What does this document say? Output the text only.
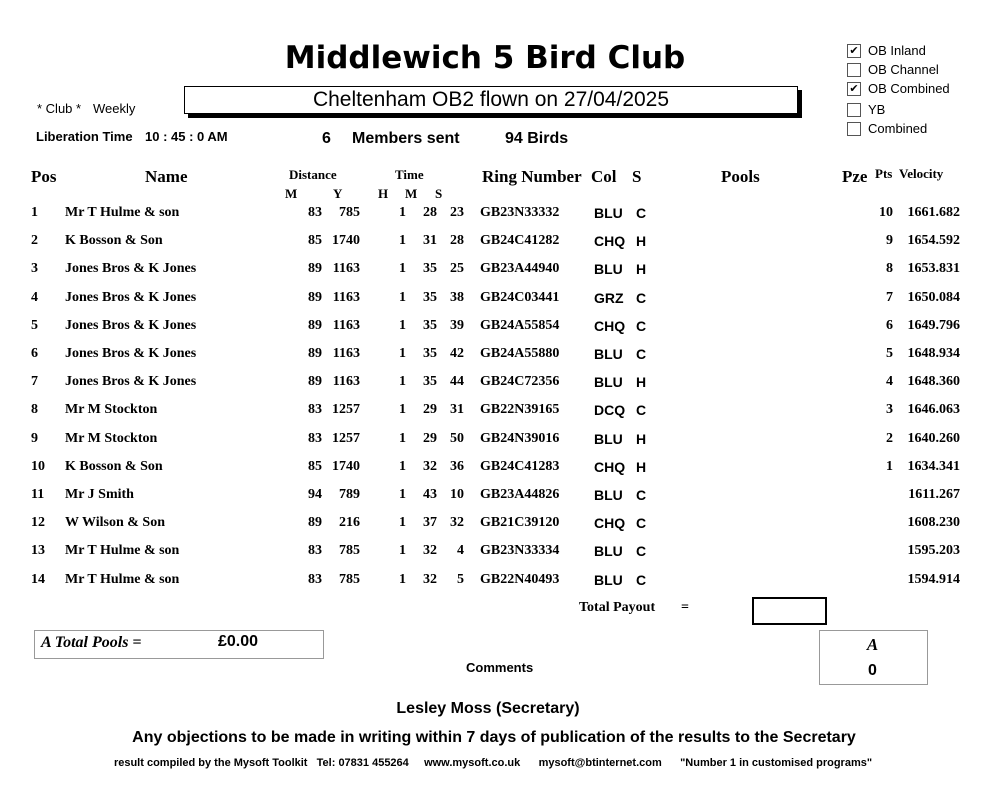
Middlewich 5 Bird Club
Cheltenham OB2 flown on 27/04/2025
* Club * Weekly
Liberation Time 10 : 45 : 0 AM	6 Members sent	94 Birds
✔ OB Inland
OB Channel
✔ OB Combined
YB
Combined
Pos	Name	Distance
M	Y
Time
H M S
Ring Number Col S	Pools	Pze Pts Velocity
1 Mr T Hulme & son	83 785	1 28 23 GB23N33332 BLU C	10 1661.682
2 K Bosson & Son	85 1740	1 31 28 GB24C41282 CHQ H	9 1654.592
3 Jones Bros & K Jones	89 1163	1 35 25 GB23A44940 BLU H	8 1653.831
4 Jones Bros & K Jones	89 1163	1 35 38 GB24C03441 GRZ C	7 1650.084
5 Jones Bros & K Jones	89 1163	1 35 39 GB24A55854 CHQ C	6 1649.796
6 Jones Bros & K Jones	89 1163	1 35 42 GB24A55880 BLU C	5 1648.934
7 Jones Bros & K Jones	89 1163	1 35 44 GB24C72356 BLU H	4 1648.360
8 Mr M Stockton	83 1257	1 29 31 GB22N39165 DCQ C	3 1646.063
9 Mr M Stockton	83 1257	1 29 50 GB24N39016 BLU H	2 1640.260
10 K Bosson & Son	85 1740	1 32 36 GB24C41283 CHQ H	1 1634.341
11 Mr J Smith	94 789	1 43 10 GB23A44826 BLU C	1611.267
12 W Wilson & Son	89 216	1 37 32 GB21C39120 CHQ C	1608.230
13 Mr T Hulme & son	83 785	1 32 4 GB23N33334 BLU C	1595.203
14 Mr T Hulme & son	83 785	1 32 5 GB22N40493 BLU C	1594.914
Total Payout =
A Total Pools =	£0.00	A
0
Comments
Lesley Moss (Secretary)
Any objections to be made in writing within 7 days of publication of the results to the Secretary
result compiled by the Mysoft Toolkit   Tel: 07831 455264     www.mysoft.co.uk      mysoft@btinternet.com      "Number 1 in customised programs"
